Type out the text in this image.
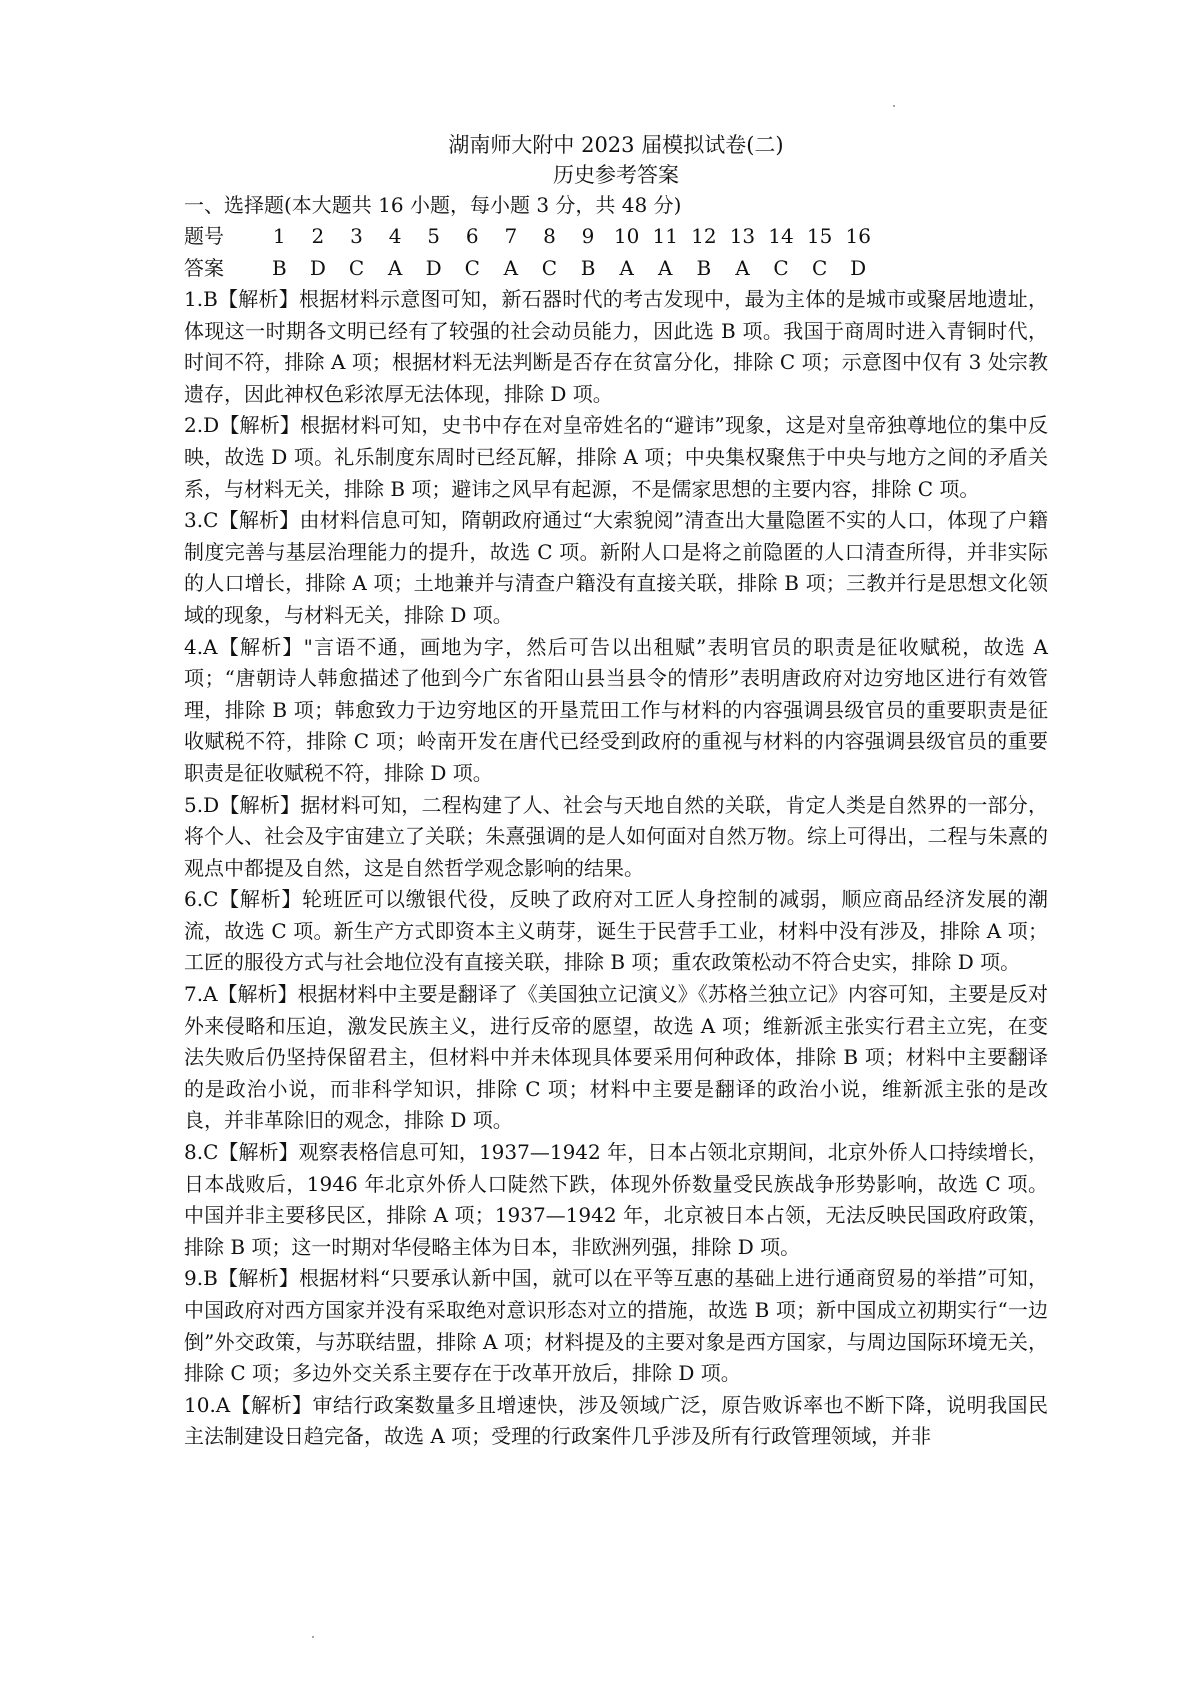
湖南师大附中 2023 届模拟试卷(二)

历史参考答案

一、选择题(本大题共 16 小题，每小题 3 分，共 48 分)

题号	1	2	3	4	5	6	7	8	9 10 11 12 13 14 15 16
答案	B	D	C	A	D	C	A	C	B	A	A	B	A	C	C	D

1.B【解析】根据材料示意图可知，新石器时代的考古发现中，最为主体的是城市或聚居地遗址，体现这一时期各文明已经有了较强的社会动员能力，因此选 B 项。我国于商周时进入青铜时代，时间不符，排除 A 项；根据材料无法判断是否存在贫富分化，排除 C 项；示意图中仅有 3 处宗教遗存，因此神权色彩浓厚无法体现，排除 D 项。

2.D【解析】根据材料可知，史书中存在对皇帝姓名的“避讳”现象，这是对皇帝独尊地位的集中反映，故选 D 项。礼乐制度东周时已经瓦解，排除 A 项；中央集权聚焦于中央与地方之间的矛盾关系，与材料无关，排除 B 项；避讳之风早有起源，不是儒家思想的主要内容，排除 C 项。

3.C【解析】由材料信息可知，隋朝政府通过“大索貌阅”清查出大量隐匿不实的人口，体现了户籍制度完善与基层治理能力的提升，故选 C 项。新附人口是将之前隐匿的人口清查所得，并非实际的人口增长，排除 A 项；土地兼并与清查户籍没有直接关联，排除 B 项；三教并行是思想文化领域的现象，与材料无关，排除 D 项。

4.A【解析】"言语不通，画地为字，然后可告以出租赋”表明官员的职责是征收赋税，故选 A 项；“唐朝诗人韩愈描述了他到今广东省阳山县当县令的情形”表明唐政府对边穷地区进行有效管理，排除 B 项；韩愈致力于边穷地区的开垦荒田工作与材料的内容强调县级官员的重要职责是征收赋税不符，排除 C 项；岭南开发在唐代已经受到政府的重视与材料的内容强调县级官员的重要职责是征收赋税不符，排除 D 项。

5.D【解析】据材料可知，二程构建了人、社会与天地自然的关联，肯定人类是自然界的一部分，将个人、社会及宇宙建立了关联；朱熹强调的是人如何面对自然万物。综上可得出，二程与朱熹的观点中都提及自然，这是自然哲学观念影响的结果。

6.C【解析】轮班匠可以缴银代役，反映了政府对工匠人身控制的减弱，顺应商品经济发展的潮流，故选 C 项。新生产方式即资本主义萌芽，诞生于民营手工业，材料中没有涉及，排除 A 项；工匠的服役方式与社会地位没有直接关联，排除 B 项；重农政策松动不符合史实，排除 D 项。

7.A【解析】根据材料中主要是翻译了《美国独立记演义》《苏格兰独立记》内容可知，主要是反对外来侵略和压迫，激发民族主义，进行反帝的愿望，故选 A 项；维新派主张实行君主立宪，在变法失败后仍坚持保留君主，但材料中并未体现具体要采用何种政体，排除 B 项；材料中主要翻译的是政治小说，而非科学知识，排除 C 项；材料中主要是翻译的政治小说，维新派主张的是改良，并非革除旧的观念，排除 D 项。

8.C【解析】观察表格信息可知，1937—1942 年，日本占领北京期间，北京外侨人口持续增长，日本战败后，1946 年北京外侨人口陡然下跌，体现外侨数量受民族战争形势影响，故选 C 项。中国并非主要移民区，排除 A 项；1937—1942 年，北京被日本占领，无法反映民国政府政策，排除 B 项；这一时期对华侵略主体为日本，非欧洲列强，排除 D 项。

9.B【解析】根据材料“只要承认新中国，就可以在平等互惠的基础上进行通商贸易的举措”可知，中国政府对西方国家并没有采取绝对意识形态对立的措施，故选 B 项；新中国成立初期实行“一边倒”外交政策，与苏联结盟，排除 A 项；材料提及的主要对象是西方国家，与周边国际环境无关，排除 C 项；多边外交关系主要存在于改革开放后，排除 D 项。

10.A【解析】审结行政案数量多且增速快，涉及领域广泛，原告败诉率也不断下降，说明我国民主法制建设日趋完备，故选 A 项；受理的行政案件几乎涉及所有行政管理领域，并非
